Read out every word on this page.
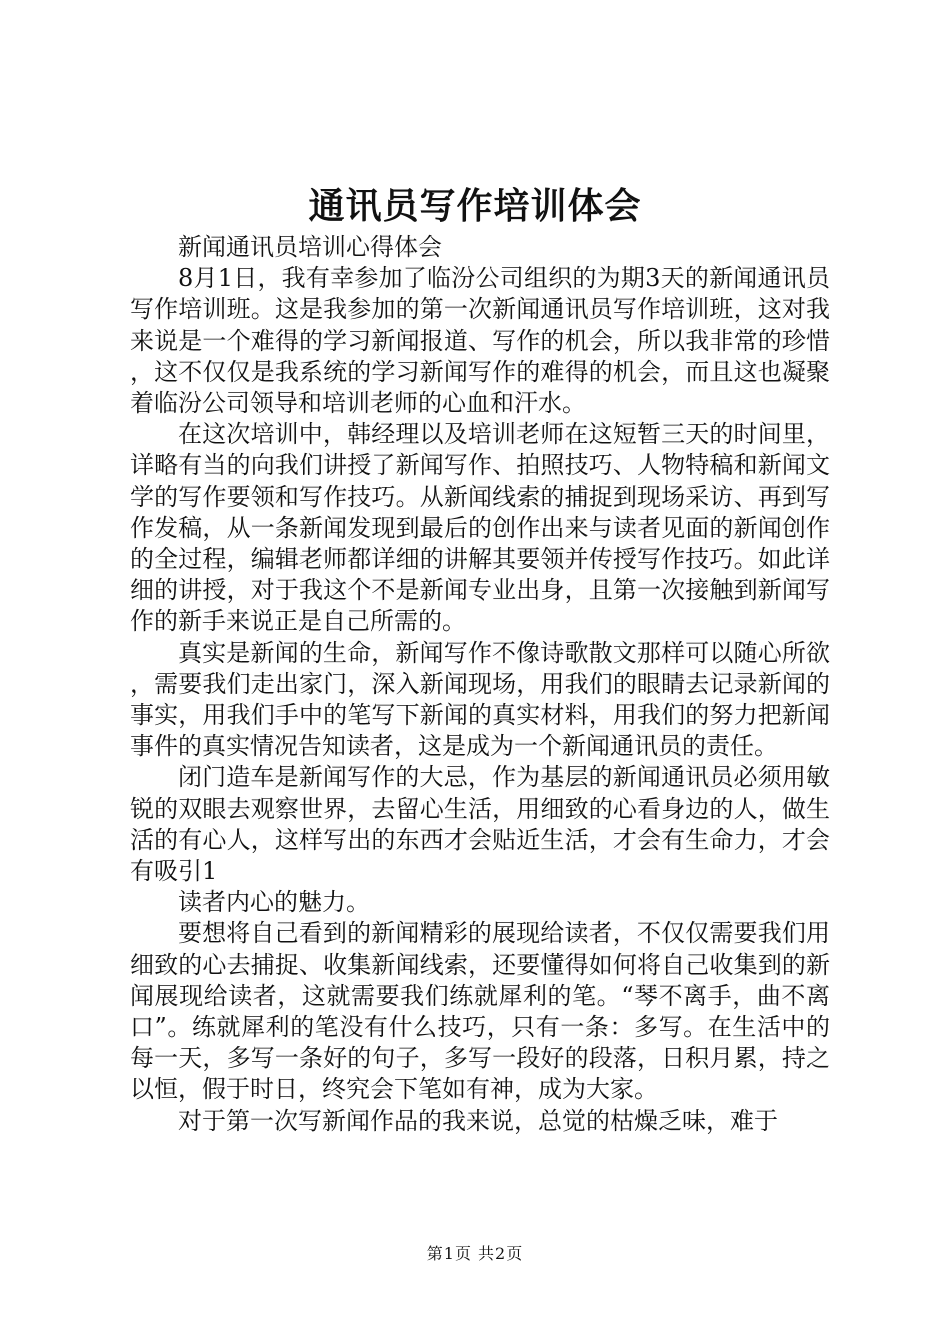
通讯员写作培训体会

新闻通讯员培训心得体会

8月1日，我有幸参加了临汾公司组织的为期3天的新闻通讯员写作培训班。这是我参加的第一次新闻通讯员写作培训班，这对我来说是一个难得的学习新闻报道、写作的机会，所以我非常的珍惜，这不仅仅是我系统的学习新闻写作的难得的机会，而且这也凝聚着临汾公司领导和培训老师的心血和汗水。

在这次培训中，韩经理以及培训老师在这短暂三天的时间里，详略有当的向我们讲授了新闻写作、拍照技巧、人物特稿和新闻文学的写作要领和写作技巧。从新闻线索的捕捉到现场采访、再到写作发稿，从一条新闻发现到最后的创作出来与读者见面的新闻创作的全过程，编辑老师都详细的讲解其要领并传授写作技巧。如此详细的讲授，对于我这个不是新闻专业出身，且第一次接触到新闻写作的新手来说正是自己所需的。

真实是新闻的生命，新闻写作不像诗歌散文那样可以随心所欲，需要我们走出家门，深入新闻现场，用我们的眼睛去记录新闻的事实，用我们手中的笔写下新闻的真实材料，用我们的努力把新闻事件的真实情况告知读者，这是成为一个新闻通讯员的责任。

闭门造车是新闻写作的大忌，作为基层的新闻通讯员必须用敏锐的双眼去观察世界，去留心生活，用细致的心看身边的人，做生活的有心人，这样写出的东西才会贴近生活，才会有生命力，才会有吸引1

读者内心的魅力。

要想将自己看到的新闻精彩的展现给读者，不仅仅需要我们用细致的心去捕捉、收集新闻线索，还要懂得如何将自己收集到的新闻展现给读者，这就需要我们练就犀利的笔。“琴不离手，曲不离口”。练就犀利的笔没有什么技巧，只有一条：多写。在生活中的每一天，多写一条好的句子，多写一段好的段落，日积月累，持之以恒，假于时日，终究会下笔如有神，成为大家。

对于第一次写新闻作品的我来说，总觉的枯燥乏味，难于

第1页 共2页
